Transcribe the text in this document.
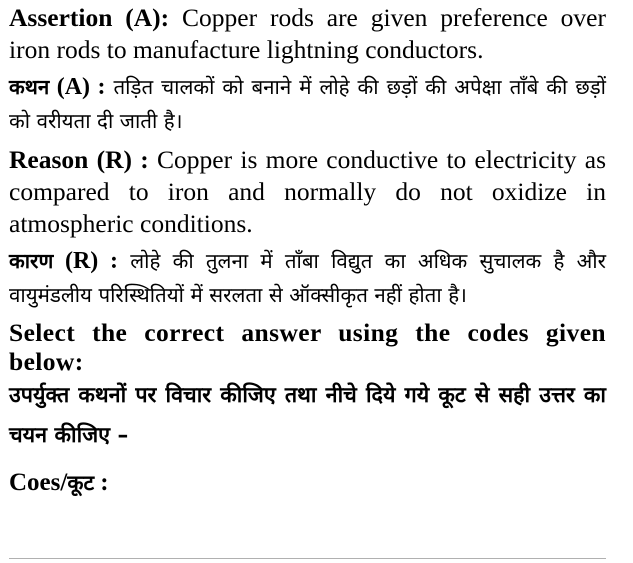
Assertion (A): Copper rods are given preference over iron rods to manufacture lightning conductors.

कथन (A) : तड़ित चालकों को बनाने में लोहे की छड़ों की अपेक्षा ताँबे की छड़ों को वरीयता दी जाती है।

Reason (R) : Copper is more conductive to electricity as compared to iron and normally do not oxidize in atmospheric conditions.

कारण (R) : लोहे की तुलना में ताँबा विद्युत का अधिक सुचालक है और वायुमंडलीय परिस्थितियों में सरलता से ऑक्सीकृत नहीं होता है।

Select the correct answer using the codes given below:

उपर्युक्त कथनों पर विचार कीजिए तथा नीचे दिये गये कूट से सही उत्तर का चयन कीजिए –

Coes/कूट :
